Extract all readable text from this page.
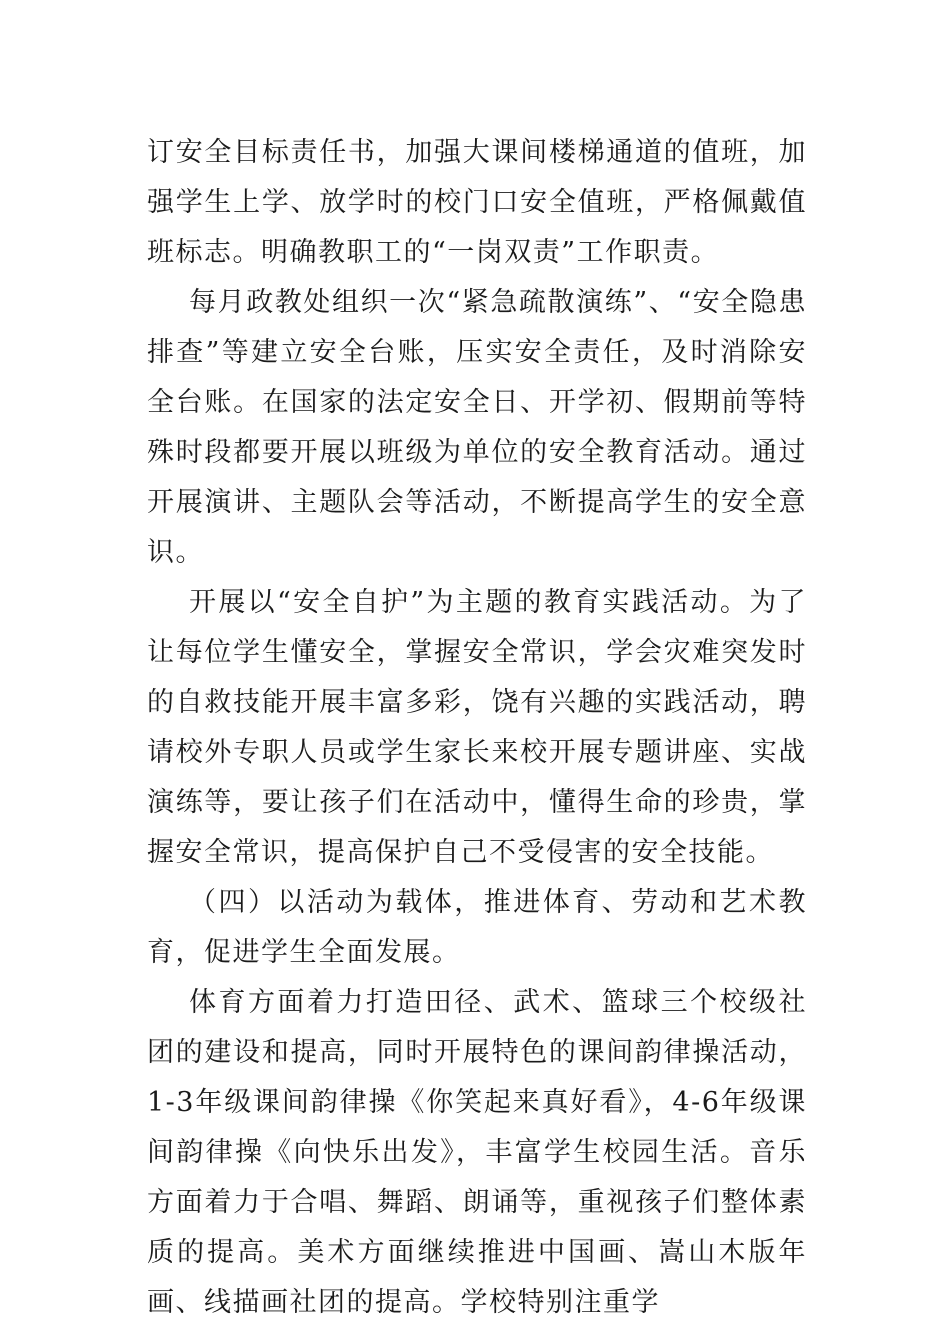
订安全目标责任书，加强大课间楼梯通道的值班，加强学生上学、放学时的校门口安全值班，严格佩戴值班标志。明确教职工的“一岗双责”工作职责。

每月政教处组织一次“紧急疏散演练”、“安全隐患排查”等建立安全台账，压实安全责任，及时消除安全台账。在国家的法定安全日、开学初、假期前等特殊时段都要开展以班级为单位的安全教育活动。通过开展演讲、主题队会等活动，不断提高学生的安全意识。

开展以“安全自护”为主题的教育实践活动。为了让每位学生懂安全，掌握安全常识，学会灾难突发时的自救技能开展丰富多彩，饶有兴趣的实践活动，聘请校外专职人员或学生家长来校开展专题讲座、实战演练等，要让孩子们在活动中，懂得生命的珍贵，掌握安全常识，提高保护自己不受侵害的安全技能。

（四）以活动为载体，推进体育、劳动和艺术教育，促进学生全面发展。

体育方面着力打造田径、武术、篮球三个校级社团的建设和提高，同时开展特色的课间韵律操活动，1-3年级课间韵律操《你笑起来真好看》，4-6年级课间韵律操《向快乐出发》，丰富学生校园生活。音乐方面着力于合唱、舞蹈、朗诵等，重视孩子们整体素质的提高。美术方面继续推进中国画、嵩山木版年画、线描画社团的提高。学校特别注重学
